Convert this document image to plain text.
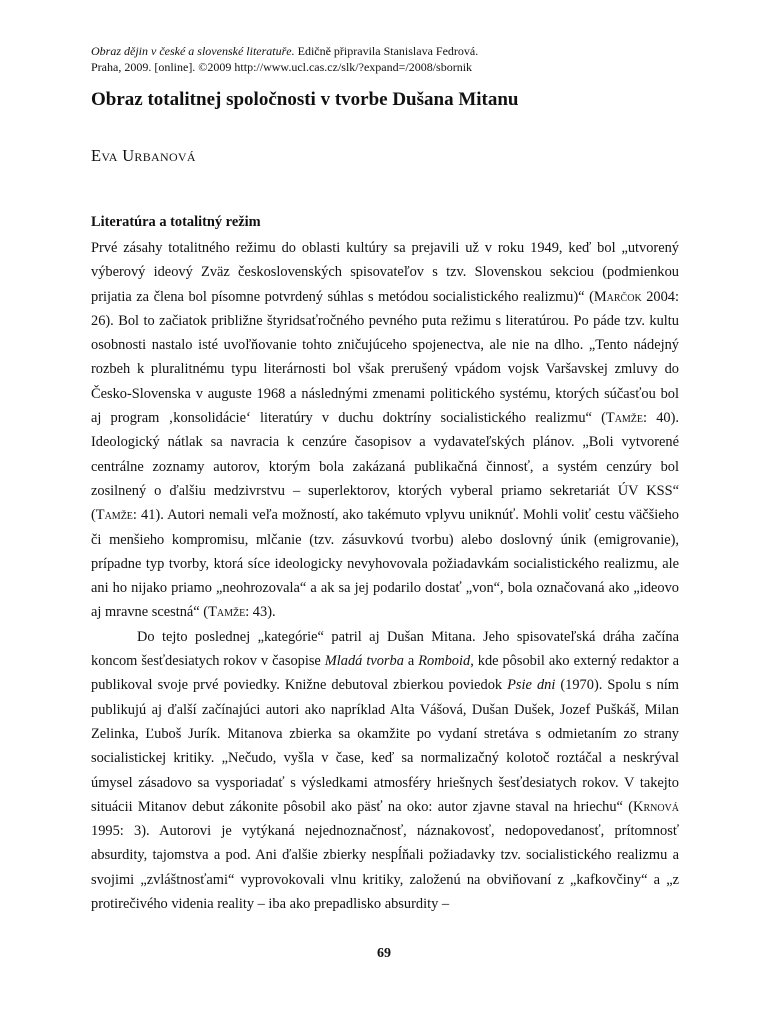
Obraz dějin v české a slovenské literatuře. Edičně připravila Stanislava Fedrová.
Praha, 2009. [online]. ©2009 http://www.ucl.cas.cz/slk/?expand=/2008/sbornik
Obraz totalitnej spoločnosti v tvorbe Dušana Mitanu
Eva Urbanová
Literatúra a totalitný režim

Prvé zásahy totalitného režimu do oblasti kultúry sa prejavili už v roku 1949, keď bol „utvorený výberový ideový Zväz československých spisovateľov s tzv. Slovenskou sekciou (podmienkou prijatia za člena bol písomne potvrdený súhlas s metódou socialistického realizmu)“ (Marčok 2004: 26). Bol to začiatok približne štyridsaťročného pevného puta režimu s literatúrou. Po páde tzv. kultu osobnosti nastalo isté uvoľňovanie tohto zničujúceho spojenectva, ale nie na dlho. „Tento nádejný rozbeh k pluralitnému typu literárnosti bol však prerušený vpádom vojsk Varšavskej zmluvy do Česko-Slovenska v auguste 1968 a následnými zmenami politického systému, ktorých súčasťou bol aj program ‚konsolidácie‘ literatúry v duchu doktríny socialistického realizmu“ (Tamže: 40). Ideologický nátlak sa navracia k cenzúre časopisov a vydavateľských plánov. „Boli vytvorené centrálne zoznamy autorov, ktorým bola zakázaná publikačná činnosť, a systém cenzúry bol zosilnený o ďalšiu medzivrstvu – superlektorov, ktorých vyberal priamo sekretariát ÚV KSS“ (Tamže: 41). Autori nemali veľa možností, ako takémuto vplyvu uniknúť. Mohli voliť cestu väčšieho či menšieho kompromisu, mlčanie (tzv. zásuvkovú tvorbu) alebo doslovný únik (emigrovanie), prípadne typ tvorby, ktorá síce ideologicky nevyhovovala požiadavkám socialistického realizmu, ale ani ho nijako priamo „neohrozovala“ a ak sa jej podarilo dostať „von“, bola označovaná ako „ideovo aj mravne scestná“ (Tamže: 43).

Do tejto poslednej „kategórie“ patril aj Dušan Mitana. Jeho spisovateľská dráha začína koncom šesťdesiatych rokov v časopise Mladá tvorba a Romboid, kde pôsobil ako externý redaktor a publikoval svoje prvé poviedky. Knižne debutoval zbierkou poviedok Psie dni (1970). Spolu s ním publikujú aj ďalší začínajúci autori ako napríklad Alta Vášová, Dušan Dušek, Jozef Puškáš, Milan Zelinka, Ľuboš Jurík. Mitanova zbierka sa okamžite po vydaní stretáva s odmietaním zo strany socialistickej kritiky. „Nečudo, vyšla v čase, keď sa normalizačný kolotoč roztáčal a neskrýval úmysel zásadovo sa vysporiadať s výsledkami atmosféry hriešnych šesťdesiatych rokov. V takejto situácii Mitanov debut zákonite pôsobil ako päsť na oko: autor zjavne staval na hriechu“ (Krnová 1995: 3). Autorovi je vytýkaná nejednoznačnosť, náznakovosť, nedopovedanosť, prítomnosť absurdity, tajomstva a pod. Ani ďalšie zbierky nespĺňali požiadavky tzv. socialistického realizmu a svojimi „zvláštnosťami“ vyprovokovali vlnu kritiky, založenú na obviňovaní z „kafkovčiny“ a „z protirečivého videnia reality – iba ako prepadlisko absurdity –

69
